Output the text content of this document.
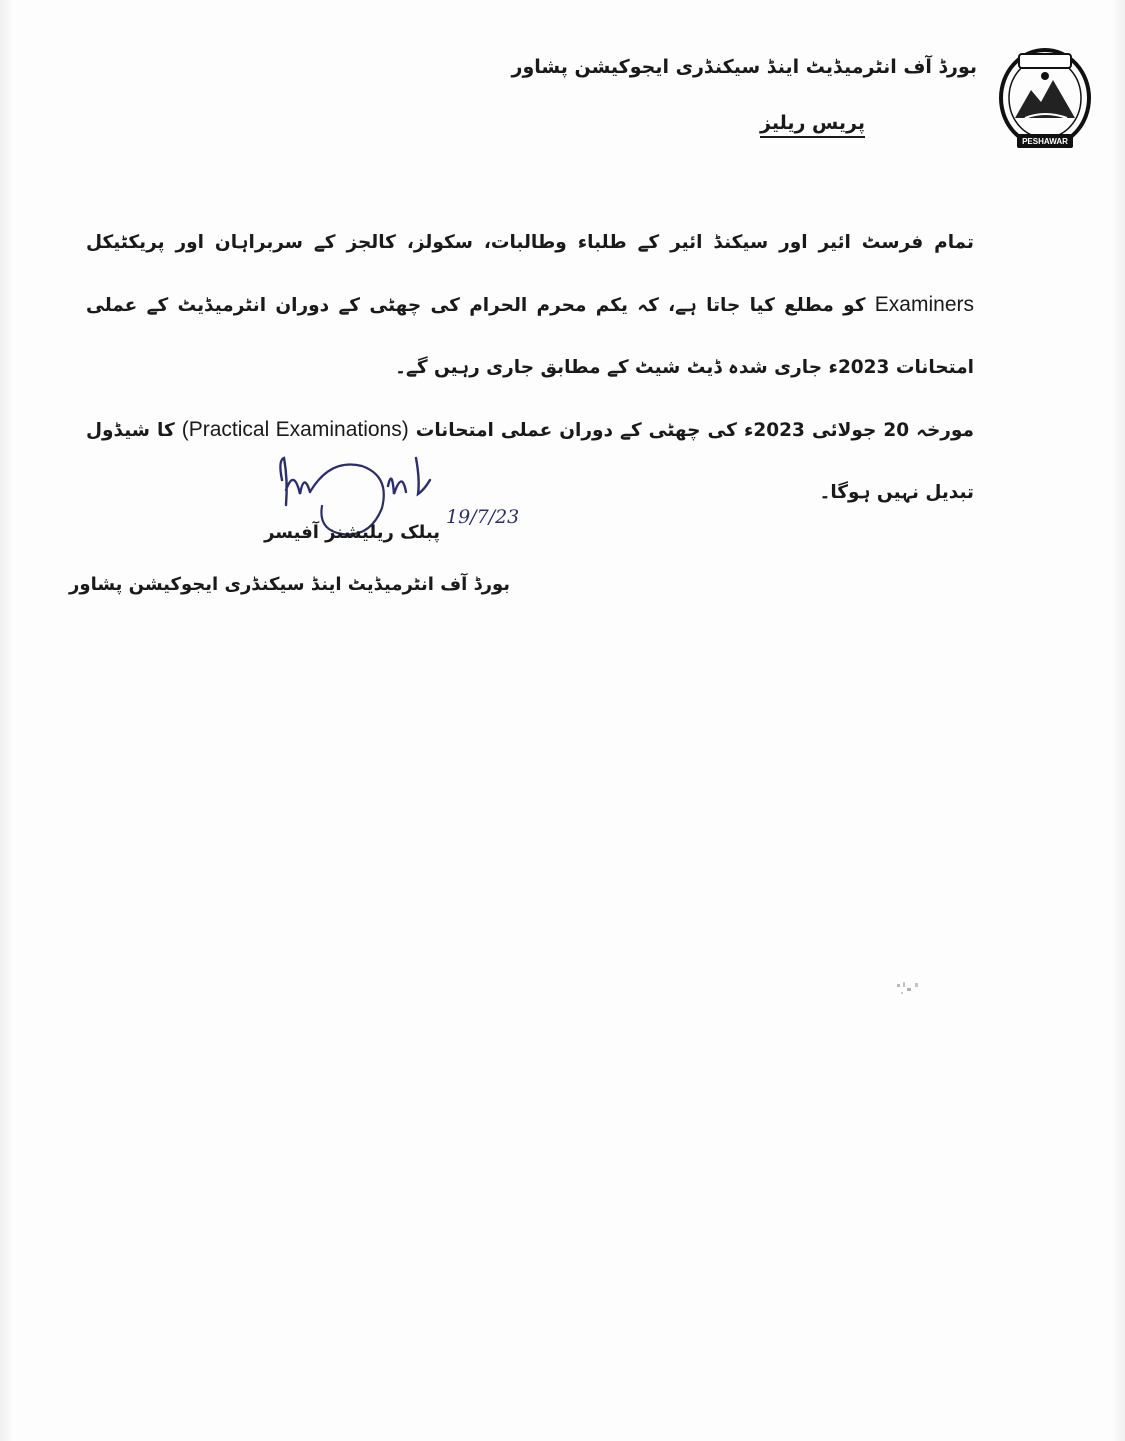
PESHAWAR
بورڈ آف انٹرمیڈیٹ اینڈ سیکنڈری ایجوکیشن پشاور
پریس ریلیز

تمام فرسٹ ائیر اور سیکنڈ ائیر کے طلباء وطالبات، سکولز، کالجز کے سربراہان اور پریکٹیکل Examiners کو مطلع کیا جاتا ہے، کہ یکم محرم الحرام کی چھٹی کے دوران انٹرمیڈیٹ کے عملی امتحانات 2023ء جاری شدہ ڈیٹ شیٹ کے مطابق جاری رہیں گے۔

مورخہ 20 جولائی 2023ء کی چھٹی کے دوران عملی امتحانات (Practical Examinations) کا شیڈول تبدیل نہیں ہوگا۔

19/7/23
پبلک ریلیشنز آفیسر
بورڈ آف انٹرمیڈیٹ اینڈ سیکنڈری ایجوکیشن پشاور
